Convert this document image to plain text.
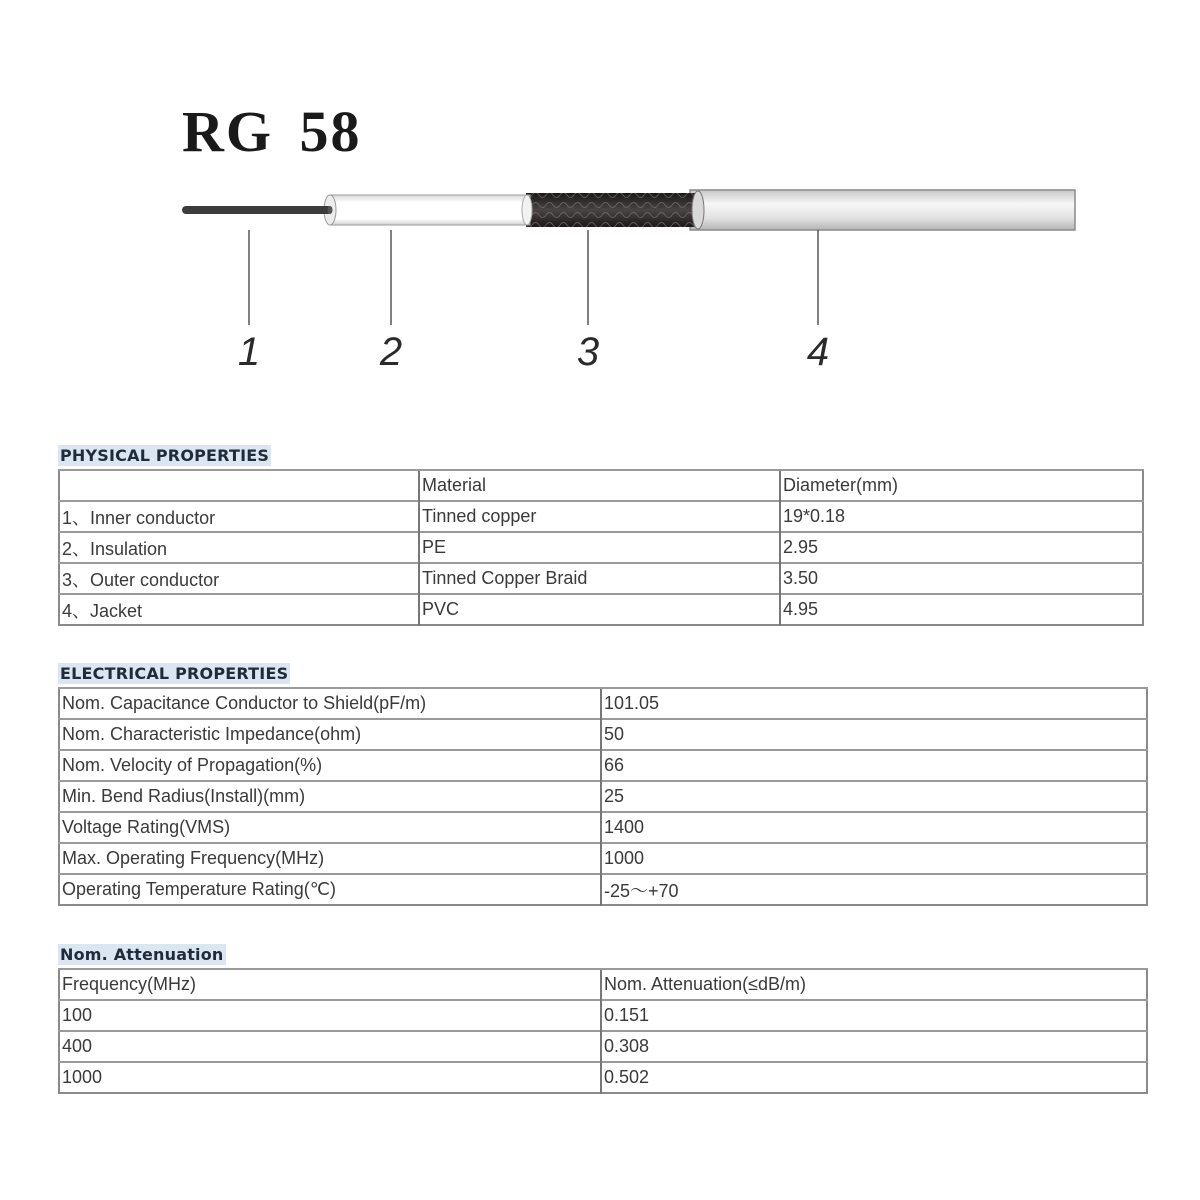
RG 58
1	2	3	4
PHYSICAL PROPERTIES
	Material	Diameter(mm)
1、Inner conductor	Tinned copper	19*0.18
2、Insulation	PE	2.95
3、Outer conductor	Tinned Copper Braid	3.50
4、Jacket	PVC	4.95
ELECTRICAL PROPERTIES
Nom. Capacitance Conductor to Shield(pF/m)	101.05
Nom. Characteristic Impedance(ohm)	50
Nom. Velocity of Propagation(%)	66
Min. Bend Radius(Install)(mm)	25
Voltage Rating(VMS)	1400
Max. Operating Frequency(MHz)	1000
Operating Temperature Rating(℃)	-25～+70
Nom. Attenuation
Frequency(MHz)	Nom. Attenuation(≤dB/m)
100	0.151
400	0.308
1000	0.502
